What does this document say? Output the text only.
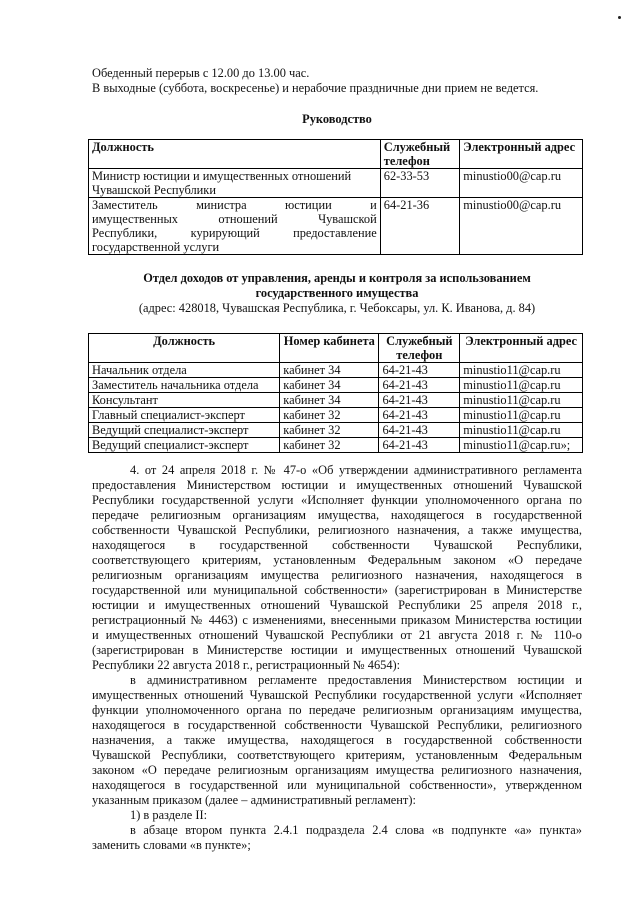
Обеденный перерыв с 12.00 до 13.00 час.
В выходные (суббота, воскресенье) и нерабочие праздничные дни прием не ведется.
Руководство
Должность	Служебный телефон	Электронный адрес

Министр юстиции и имущественных отношений
Чувашской Республики	62-33-53	minustio00@cap.ru

Заместитель министра юстиции и
имущественных отношений Чувашской
Республики, курирующий предоставление
государственной услуги	64-21-36	minustio00@cap.ru
Отдел доходов от управления, аренды и контроля за использованием
государственного имущества
(адрес: 428018, Чувашская Республика, г. Чебоксары, ул. К. Иванова, д. 84)
Должность	Номер кабинета	Служебный телефон	Электронный адрес
Начальник отдела	кабинет 34	64-21-43	minustio11@cap.ru
Заместитель начальника отдела	кабинет 34	64-21-43	minustio11@cap.ru
Консультант	кабинет 34	64-21-43	minustio11@cap.ru
Главный специалист-эксперт	кабинет 32	64-21-43	minustio11@cap.ru
Ведущий специалист-эксперт	кабинет 32	64-21-43	minustio11@cap.ru
Ведущий специалист-эксперт	кабинет 32	64-21-43	minustio11@cap.ru»;
4. от 24 апреля 2018 г. № 47-о «Об утверждении административного регламента
предоставления Министерством юстиции и имущественных отношений Чувашской
Республики государственной услуги «Исполняет функции уполномоченного органа по
передаче религиозным организациям имущества, находящегося в государственной
собственности Чувашской Республики, религиозного назначения, а также имущества,
находящегося в государственной собственности Чувашской Республики,
соответствующего критериям, установленным Федеральным законом «О передаче
религиозным организациям имущества религиозного назначения, находящегося в
государственной или муниципальной собственности» (зарегистрирован в Министерстве
юстиции и имущественных отношений Чувашской Республики 25 апреля 2018 г.,
регистрационный № 4463) с изменениями, внесенными приказом Министерства юстиции
и имущественных отношений Чувашской Республики от 21 августа 2018 г. № 110-о
(зарегистрирован в Министерстве юстиции и имущественных отношений Чувашской
Республики 22 августа 2018 г., регистрационный № 4654):
в административном регламенте предоставления Министерством юстиции и
имущественных отношений Чувашской Республики государственной услуги «Исполняет
функции уполномоченного органа по передаче религиозным организациям имущества,
находящегося в государственной собственности Чувашской Республики, религиозного
назначения, а также имущества, находящегося в государственной собственности
Чувашской Республики, соответствующего критериям, установленным Федеральным
законом «О передаче религиозным организациям имущества религиозного назначения,
находящегося в государственной или муниципальной собственности», утвержденном
указанным приказом (далее – административный регламент):
1) в разделе II:
в абзаце втором пункта 2.4.1 подраздела 2.4 слова «в подпункте «а» пункта»
заменить словами «в пункте»;
